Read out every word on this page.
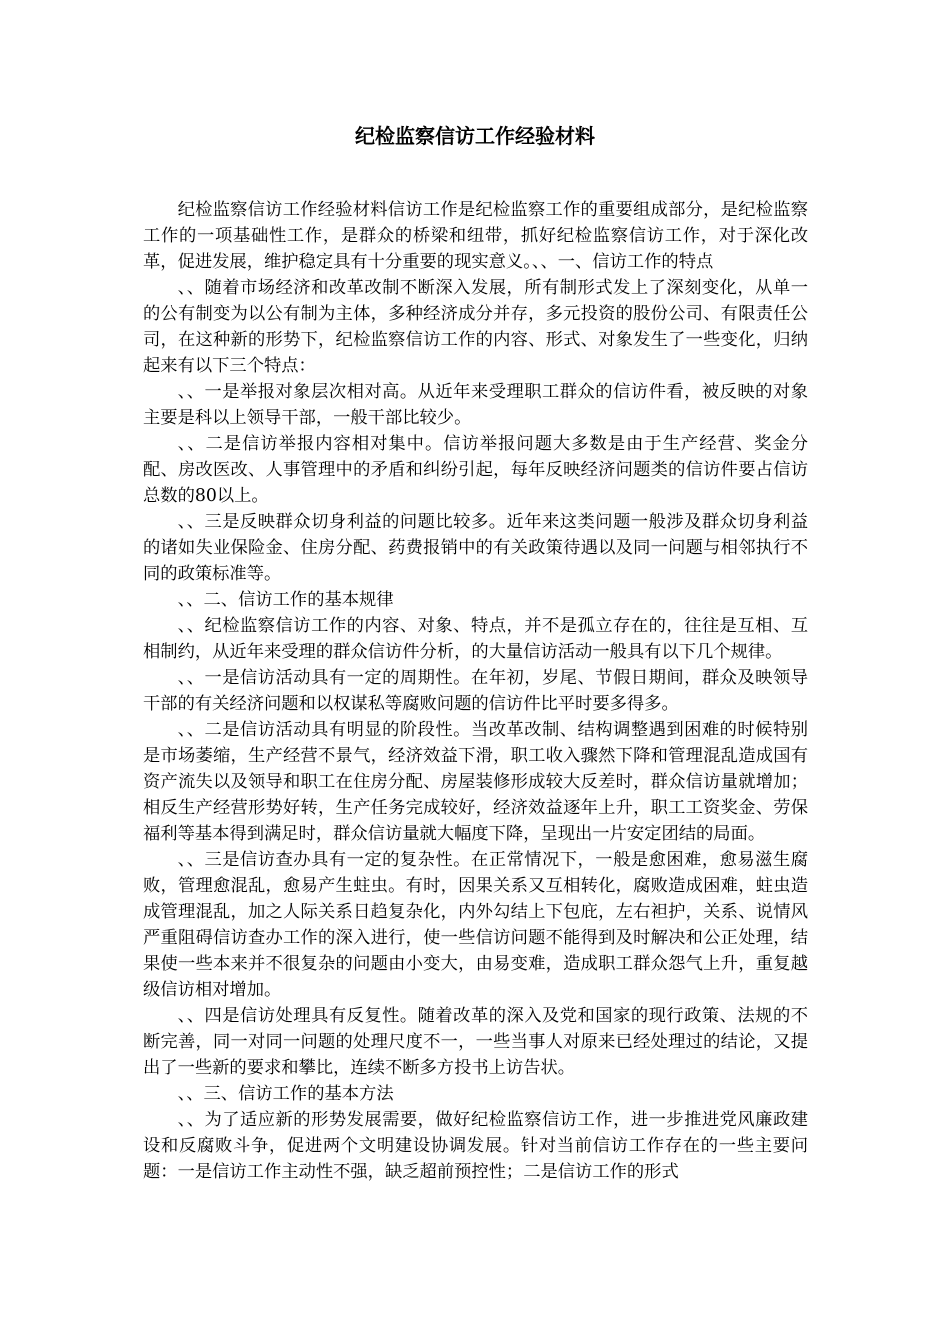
纪检监察信访工作经验材料

纪检监察信访工作经验材料信访工作是纪检监察工作的重要组成部分，是纪检监察工作的一项基础性工作，是群众的桥梁和纽带，抓好纪检监察信访工作，对于深化改革，促进发展，维护稳定具有十分重要的现实意义。、、一、信访工作的特点

、、随着市场经济和改革改制不断深入发展，所有制形式发上了深刻变化，从单一的公有制变为以公有制为主体，多种经济成分并存，多元投资的股份公司、有限责任公司，在这种新的形势下，纪检监察信访工作的内容、形式、对象发生了一些变化，归纳起来有以下三个特点：

、、一是举报对象层次相对高。从近年来受理职工群众的信访件看，被反映的对象主要是科以上领导干部，一般干部比较少。

、、二是信访举报内容相对集中。信访举报问题大多数是由于生产经营、奖金分配、房改医改、人事管理中的矛盾和纠纷引起，每年反映经济问题类的信访件要占信访总数的80以上。

、、三是反映群众切身利益的问题比较多。近年来这类问题一般涉及群众切身利益的诸如失业保险金、住房分配、药费报销中的有关政策待遇以及同一问题与相邻执行不同的政策标准等。

、、二、信访工作的基本规律

、、纪检监察信访工作的内容、对象、特点，并不是孤立存在的，往往是互相、互相制约，从近年来受理的群众信访件分析，的大量信访活动一般具有以下几个规律。

、、一是信访活动具有一定的周期性。在年初，岁尾、节假日期间，群众及映领导干部的有关经济问题和以权谋私等腐败问题的信访件比平时要多得多。

、、二是信访活动具有明显的阶段性。当改革改制、结构调整遇到困难的时候特别是市场萎缩，生产经营不景气，经济效益下滑，职工收入骤然下降和管理混乱造成国有资产流失以及领导和职工在住房分配、房屋装修形成较大反差时，群众信访量就增加；相反生产经营形势好转，生产任务完成较好，经济效益逐年上升，职工工资奖金、劳保福利等基本得到满足时，群众信访量就大幅度下降，呈现出一片安定团结的局面。

、、三是信访查办具有一定的复杂性。在正常情况下，一般是愈困难，愈易滋生腐败，管理愈混乱，愈易产生蛀虫。有时，因果关系又互相转化，腐败造成困难，蛀虫造成管理混乱，加之人际关系日趋复杂化，内外勾结上下包庇，左右袒护，关系、说情风严重阻碍信访查办工作的深入进行，使一些信访问题不能得到及时解决和公正处理，结果使一些本来并不很复杂的问题由小变大，由易变难，造成职工群众怨气上升，重复越级信访相对增加。

、、四是信访处理具有反复性。随着改革的深入及党和国家的现行政策、法规的不断完善，同一对同一问题的处理尺度不一，一些当事人对原来已经处理过的结论，又提出了一些新的要求和攀比，连续不断多方投书上访告状。

、、三、信访工作的基本方法

、、为了适应新的形势发展需要，做好纪检监察信访工作，进一步推进党风廉政建设和反腐败斗争，促进两个文明建设协调发展。针对当前信访工作存在的一些主要问题：一是信访工作主动性不强，缺乏超前预控性；二是信访工作的形式
